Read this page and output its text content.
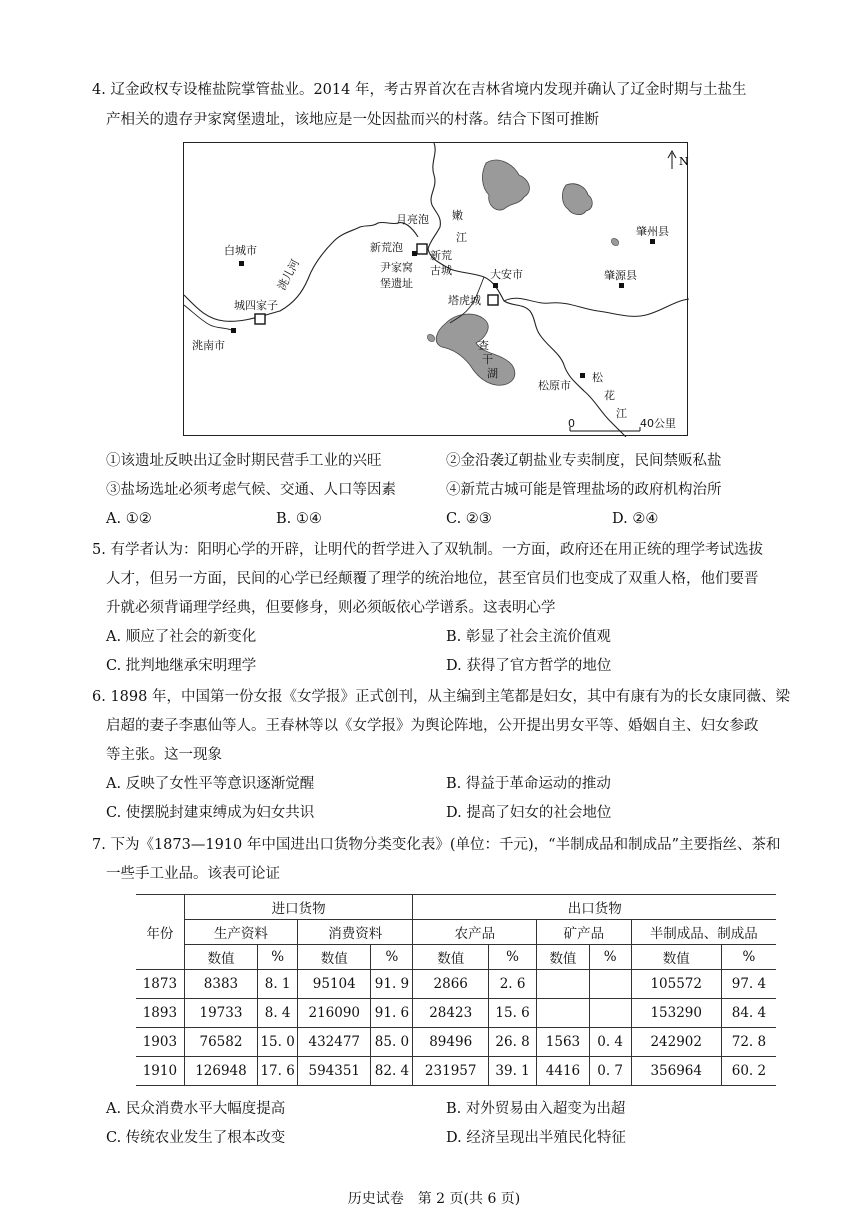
4. 辽金政权专设榷盐院掌管盐业。2014 年，考古界首次在吉林省境内发现并确认了辽金时期与土盐生
产相关的遗存尹家窝堡遗址，该地应是一处因盐而兴的村落。结合下图可推断
N
白城市
洮南市
城四家子
洮儿河
月亮泡
新荒泡
尹家窝
堡遗址
新荒
古城
嫩
江
大安市
塔虎城
查
干
湖
肇州县
肇源县
松原市
松
花
江
0	40公里
①该遗址反映出辽金时期民营手工业的兴旺	②金沿袭辽朝盐业专卖制度，民间禁贩私盐
③盐场选址必须考虑气候、交通、人口等因素	④新荒古城可能是管理盐场的政府机构治所
A. ①②	B. ①④	C. ②③	D. ②④
5. 有学者认为：阳明心学的开辟，让明代的哲学进入了双轨制。一方面，政府还在用正统的理学考试选拔
人才，但另一方面，民间的心学已经颠覆了理学的统治地位，甚至官员们也变成了双重人格，他们要晋
升就必须背诵理学经典，但要修身，则必须皈依心学谱系。这表明心学
A. 顺应了社会的新变化	B. 彰显了社会主流价值观
C. 批判地继承宋明理学	D. 获得了官方哲学的地位
6. 1898 年，中国第一份女报《女学报》正式创刊，从主编到主笔都是妇女，其中有康有为的长女康同薇、梁
启超的妻子李惠仙等人。王春林等以《女学报》为舆论阵地，公开提出男女平等、婚姻自主、妇女参政
等主张。这一现象
A. 反映了女性平等意识逐渐觉醒	B. 得益于革命运动的推动
C. 使摆脱封建束缚成为妇女共识	D. 提高了妇女的社会地位
7. 下为《1873—1910 年中国进出口货物分类变化表》(单位：千元)，“半制成品和制成品”主要指丝、茶和
一些手工业品。该表可论证
年份	进口货物				出口货物					
	生产资料		消费资料		农产品		矿产品		半制成品、制成品	
	数值	%	数值	%	数值	%	数值	%	数值	%
1873	8383	8. 1	95104	91. 9	2866	2. 6			105572	97. 4
1893	19733	8. 4	216090	91. 6	28423	15. 6			153290	84. 4
1903	76582	15. 0	432477	85. 0	89496	26. 8	1563	0. 4	242902	72. 8
1910	126948	17. 6	594351	82. 4	231957	39. 1	4416	0. 7	356964	60. 2
A. 民众消费水平大幅度提高	B. 对外贸易由入超变为出超
C. 传统农业发生了根本改变	D. 经济呈现出半殖民化特征
历史试卷　第 2 页(共 6 页)
